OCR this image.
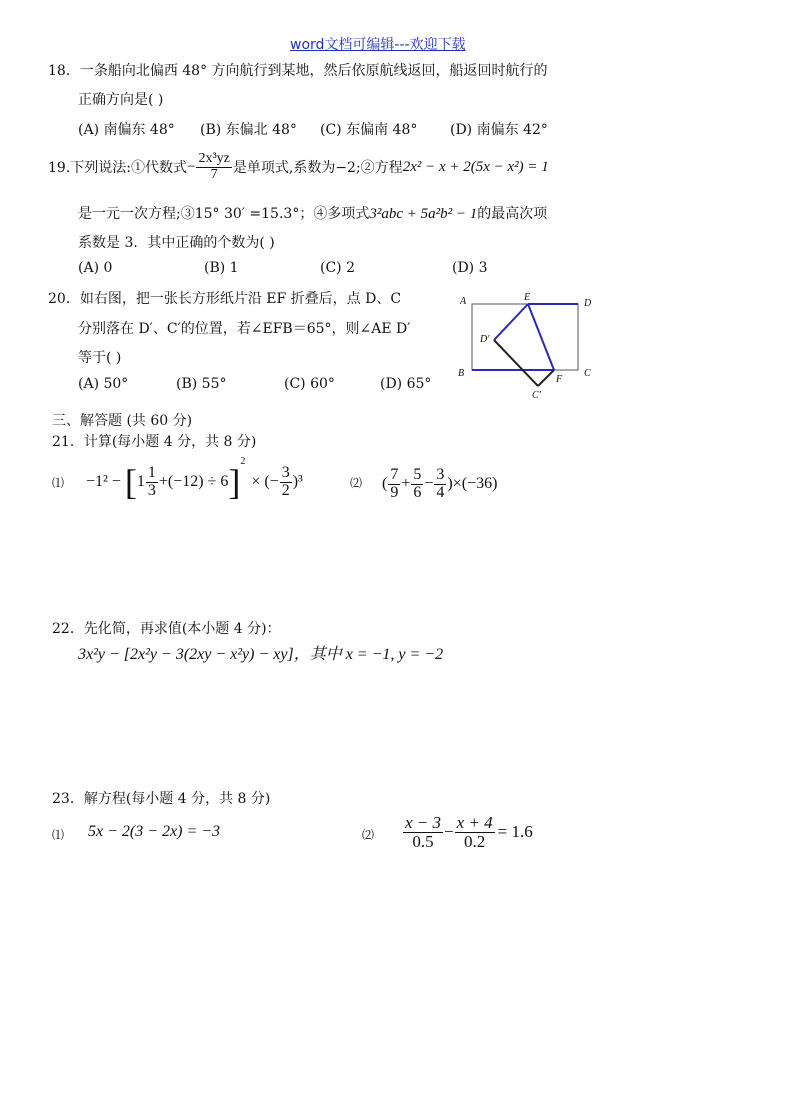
word文档可编辑---欢迎下载
18．一条船向北偏西 48° 方向航行到某地，然后依原航线返回，船返回时航行的
正确方向是( )
(A) 南偏东 48° (B) 东偏北 48° (C) 东偏南 48° (D) 南偏东 42°
19.下列说法:①代数式 − $\frac{\text{2x³yz}}{7}$ 是单项式,系数为−2;②方程 2x² − x + 2(5x − x²) = 1
是一元一次方程;③15° 30′ =15.3°；④多项式3²abc + 5a²b² − 1的最高次项
系数是 3．其中正确的个数为( )
(A) 0	(B) 1	(C) 2	(D) 3
20．如右图，把一张长方形纸片沿 EF 折叠后，点 D、C
分别落在 D′、C′的位置，若∠EFB＝65°，则∠AE D′
等于( )
(A) 50°	(B) 55°	(C) 60°	(D) 65°
A	E
D
D′
B
F
C
C′
三、解答题 (共 60 分)
21．计算(每小题 4 分，共 8 分)
⑴ −1² − [ $1 \frac{1}{3} +(-12) \div 6$ ]
$^2$
× (− $\frac{3}{2} )^3$	⑵ ( $\frac{7}{9} + \frac{5}{6} - \frac{3}{4} )\times(-36)$
22．先化简，再求值(本小题 4 分)：
3x²y − [2x²y − 3(2xy − x²y) − xy]，其中 x = −1, y = −2
23．解方程(每小题 4 分，共 8 分)
⑴ 5x − 2(3 − 2x) = −3	⑵ $\frac{x - 3}{0.5} - \frac{x + 4}{0.2} = 1.6$
